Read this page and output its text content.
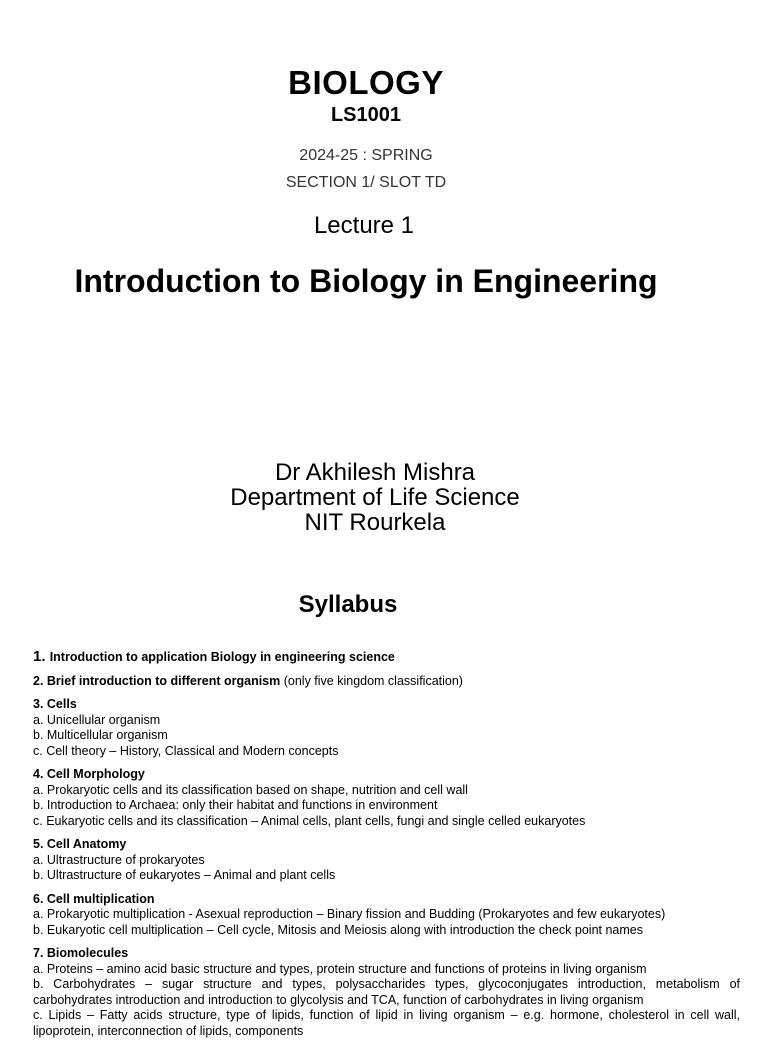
BIOLOGY
LS1001
2024-25 : SPRING
SECTION 1/ SLOT TD
Lecture 1
Introduction to Biology in Engineering
Dr Akhilesh Mishra
Department of Life Science
NIT Rourkela
Syllabus
1. Introduction to application Biology in engineering science
2. Brief introduction to different organism (only five kingdom classification)
3. Cells
a. Unicellular organism
b. Multicellular organism
c. Cell theory – History, Classical and Modern concepts
4. Cell Morphology
a. Prokaryotic cells and its classification based on shape, nutrition and cell wall
b. Introduction to Archaea: only their habitat and functions in environment
c. Eukaryotic cells and its classification – Animal cells, plant cells, fungi and single celled eukaryotes
5. Cell Anatomy
a. Ultrastructure of prokaryotes
b. Ultrastructure of eukaryotes – Animal and plant cells
6. Cell multiplication
a. Prokaryotic multiplication - Asexual reproduction – Binary fission and Budding (Prokaryotes and few eukaryotes)
b. Eukaryotic cell multiplication – Cell cycle, Mitosis and Meiosis along with introduction the check point names
7. Biomolecules
a. Proteins – amino acid basic structure and types, protein structure and functions of proteins in living organism
b. Carbohydrates – sugar structure and types, polysaccharides types, glycoconjugates introduction, metabolism of carbohydrates introduction and introduction to glycolysis and TCA, function of carbohydrates in living organism
c. Lipids – Fatty acids structure, type of lipids, function of lipid in living organism – e.g. hormone, cholesterol in cell wall, lipoprotein, interconnection of lipids, components
